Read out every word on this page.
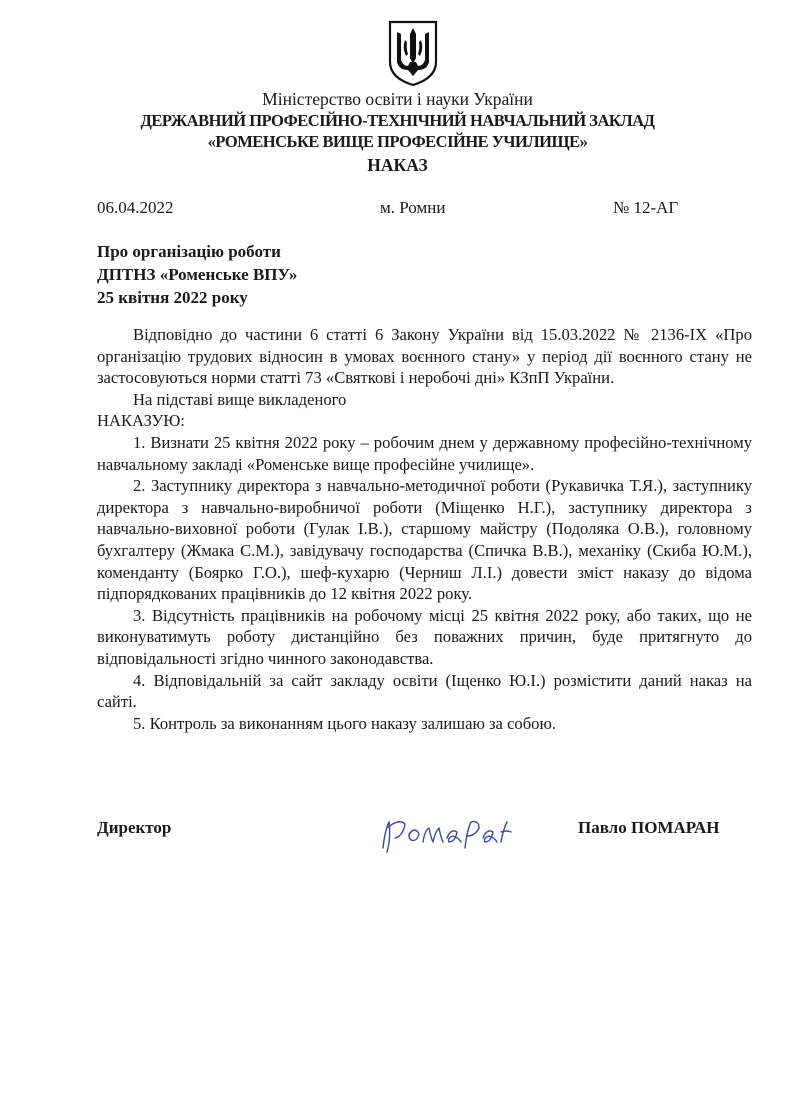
Міністерство освіти і науки України
ДЕРЖАВНИЙ ПРОФЕСІЙНО-ТЕХНІЧНИЙ НАВЧАЛЬНИЙ ЗАКЛАД
«РОМЕНСЬКЕ ВИЩЕ ПРОФЕСІЙНЕ УЧИЛИЩЕ»
НАКАЗ
06.04.2022	м. Ромни	№ 12-АГ
Про організацію роботи
ДПТНЗ «Роменське ВПУ»
25 квітня 2022 року

Відповідно до частини 6 статті 6 Закону України від 15.03.2022 № 2136-IX «Про організацію трудових відносин в умовах воєнного стану» у період дії воєнного стану не застосовуються норми статті 73 «Святкові і неробочі дні» КЗпП України.

На підставі вище викладеного

НАКАЗУЮ:

1. Визнати 25 квітня 2022 року – робочим днем у державному професійно-технічному навчальному закладі «Роменське вище професійне училище».

2. Заступнику директора з навчально-методичної роботи (Рукавичка Т.Я.), заступнику директора з навчально-виробничої роботи (Міщенко Н.Г.), заступнику директора з навчально-виховної роботи (Гулак І.В.), старшому майстру (Подоляка О.В.), головному бухгалтеру (Жмака С.М.), завідувачу господарства (Спичка В.В.), механіку (Скиба Ю.М.), коменданту (Боярко Г.О.), шеф-кухарю (Черниш Л.І.) довести зміст наказу до відома підпорядкованих працівників до 12 квітня 2022 року.

3. Відсутність працівників на робочому місці 25 квітня 2022 року, або таких, що не виконуватимуть роботу дистанційно без поважних причин, буде притягнуто до відповідальності згідно чинного законодавства.

4. Відповідальній за сайт закладу освіти (Іщенко Ю.І.) розмістити даний наказ на сайті.

5. Контроль за виконанням цього наказу залишаю за собою.

Директор	Павло ПОМАРАН
